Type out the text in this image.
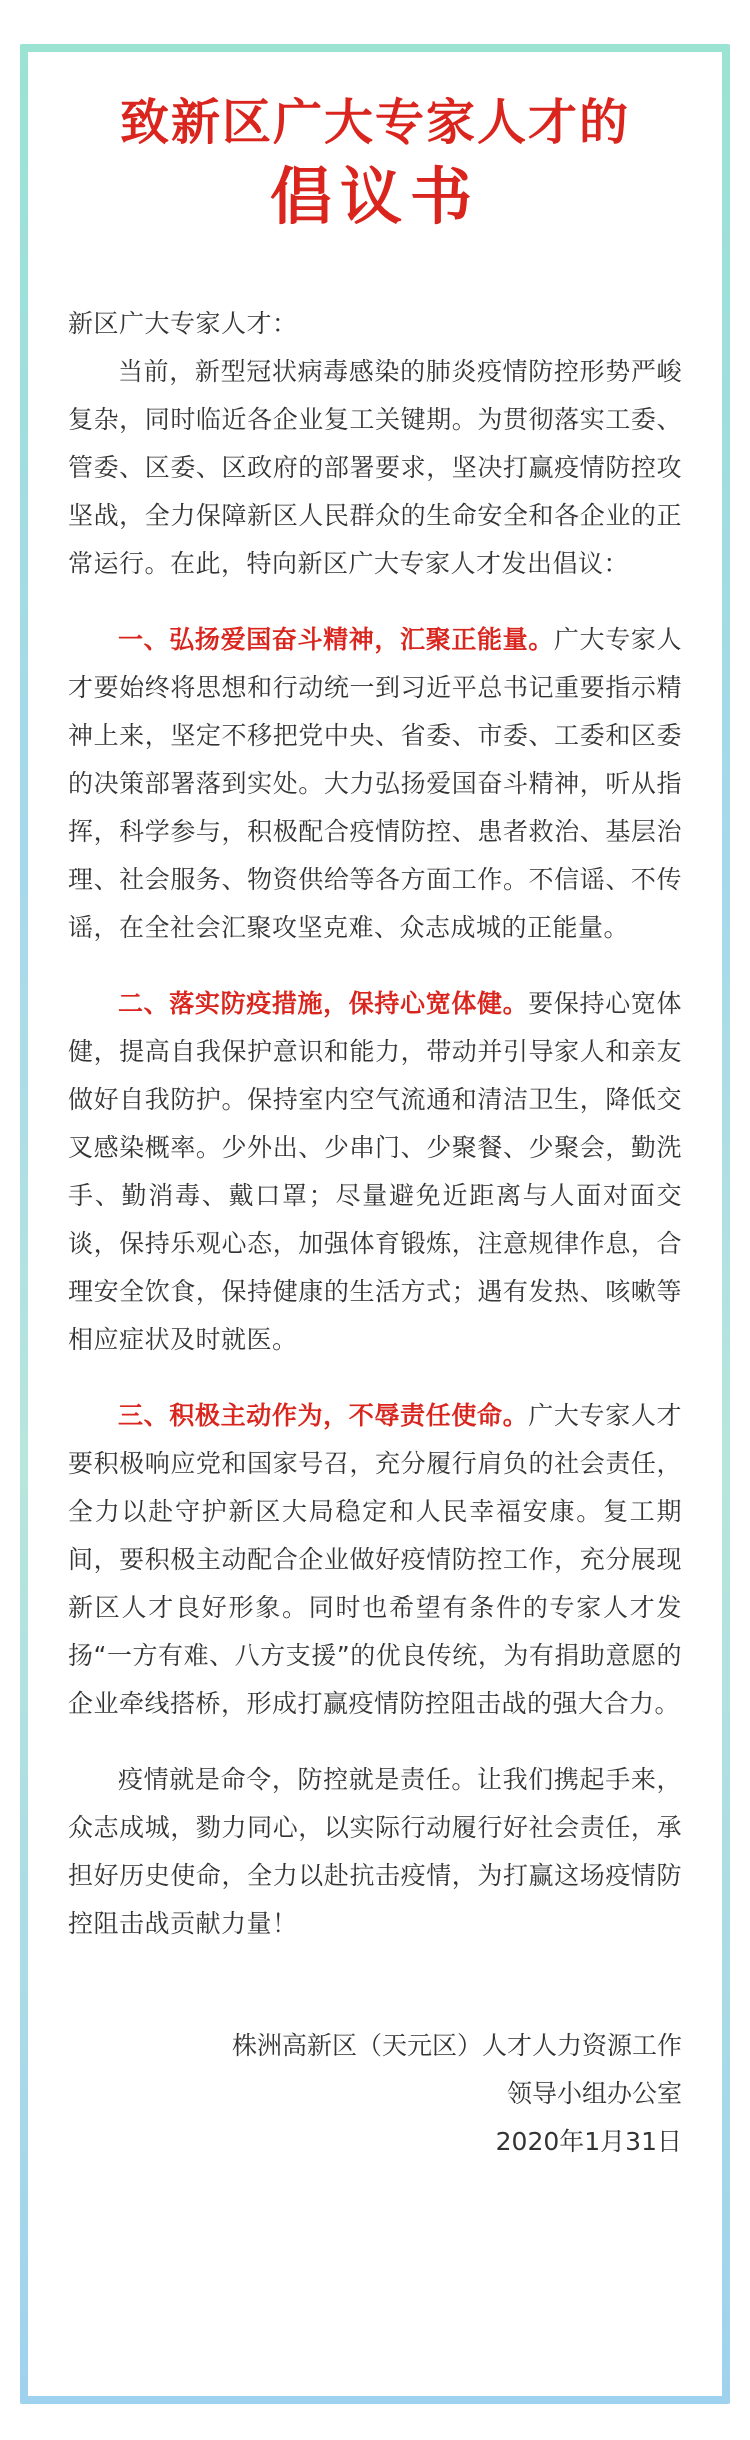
致新区广大专家人才的
倡议书

新区广大专家人才：

当前，新型冠状病毒感染的肺炎疫情防控形势严峻复杂，同时临近各企业复工关键期。为贯彻落实工委、管委、区委、区政府的部署要求，坚决打赢疫情防控攻坚战，全力保障新区人民群众的生命安全和各企业的正常运行。在此，特向新区广大专家人才发出倡议：

一、弘扬爱国奋斗精神，汇聚正能量。广大专家人才要始终将思想和行动统一到习近平总书记重要指示精神上来，坚定不移把党中央、省委、市委、工委和区委的决策部署落到实处。大力弘扬爱国奋斗精神，听从指挥，科学参与，积极配合疫情防控、患者救治、基层治理、社会服务、物资供给等各方面工作。不信谣、不传谣，在全社会汇聚攻坚克难、众志成城的正能量。

二、落实防疫措施，保持心宽体健。要保持心宽体健，提高自我保护意识和能力，带动并引导家人和亲友做好自我防护。保持室内空气流通和清洁卫生，降低交叉感染概率。少外出、少串门、少聚餐、少聚会，勤洗手、勤消毒、戴口罩；尽量避免近距离与人面对面交谈，保持乐观心态，加强体育锻炼，注意规律作息，合理安全饮食，保持健康的生活方式；遇有发热、咳嗽等相应症状及时就医。

三、积极主动作为，不辱责任使命。广大专家人才要积极响应党和国家号召，充分履行肩负的社会责任，全力以赴守护新区大局稳定和人民幸福安康。复工期间，要积极主动配合企业做好疫情防控工作，充分展现新区人才良好形象。同时也希望有条件的专家人才发扬“一方有难、八方支援”的优良传统，为有捐助意愿的企业牵线搭桥，形成打赢疫情防控阻击战的强大合力。

疫情就是命令，防控就是责任。让我们携起手来，众志成城，勠力同心，以实际行动履行好社会责任，承担好历史使命，全力以赴抗击疫情，为打赢这场疫情防控阻击战贡献力量！

株洲高新区（天元区）人才人力资源工作
领导小组办公室
2020年1月31日
